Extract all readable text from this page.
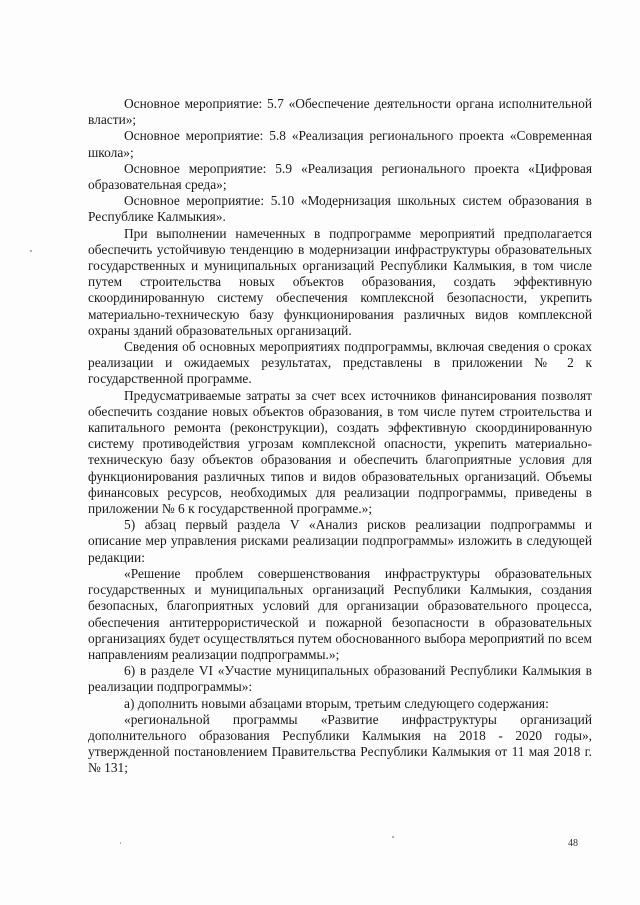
Основное мероприятие: 5.7 «Обеспечение деятельности органа исполнительной власти»;

Основное мероприятие: 5.8 «Реализация регионального проекта «Современная школа»;

Основное мероприятие: 5.9 «Реализация регионального проекта «Цифровая образовательная среда»;

Основное мероприятие: 5.10 «Модернизация школьных систем образования в Республике Калмыкия».

При выполнении намеченных в подпрограмме мероприятий предполагается обеспечить устойчивую тенденцию в модернизации инфраструктуры образовательных государственных и муниципальных организаций Республики Калмыкия, в том числе путем строительства новых объектов образования, создать эффективную скоординированную систему обеспечения комплексной безопасности, укрепить материально-техническую базу функционирования различных видов комплексной охраны зданий образовательных организаций.

Сведения об основных мероприятиях подпрограммы, включая сведения о сроках реализации и ожидаемых результатах, представлены в приложении № 2 к государственной программе.

Предусматриваемые затраты за счет всех источников финансирования позволят обеспечить создание новых объектов образования, в том числе путем строительства и капитального ремонта (реконструкции), создать эффективную скоординированную систему противодействия угрозам комплексной опасности, укрепить материально-техническую базу объектов образования и обеспечить благоприятные условия для функционирования различных типов и видов образовательных организаций. Объемы финансовых ресурсов, необходимых для реализации подпрограммы, приведены в приложении № 6 к государственной программе.»;

5) абзац первый раздела V «Анализ рисков реализации подпрограммы и описание мер управления рисками реализации подпрограммы» изложить в следующей редакции:

«Решение проблем совершенствования инфраструктуры образовательных государственных и муниципальных организаций Республики Калмыкия, создания безопасных, благоприятных условий для организации образовательного процесса, обеспечения антитеррористической и пожарной безопасности в образовательных организациях будет осуществляться путем обоснованного выбора мероприятий по всем направлениям реализации подпрограммы.»;

6) в разделе VI «Участие муниципальных образований Республики Калмыкия в реализации подпрограммы»:

а) дополнить новыми абзацами вторым, третьим следующего содержания:

«региональной программы «Развитие инфраструктуры организаций дополнительного образования Республики Калмыкия на 2018 - 2020 годы», утвержденной постановлением Правительства Республики Калмыкия от 11 мая 2018 г. № 131;

48
